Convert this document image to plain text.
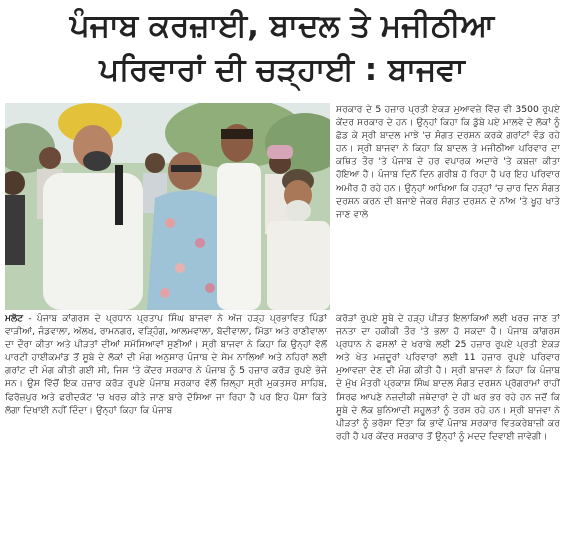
ਪੰਜਾਬ ਕਰਜ਼ਾਈ, ਬਾਦਲ ਤੇ ਮਜੀਠੀਆ
ਪਰਿਵਾਰਾਂ ਦੀ ਚੜ੍ਹਾਈ : ਬਾਜਵਾ
ਸਰਕਾਰ ਦੇ 5 ਹਜ਼ਾਰ ਪ੍ਰਤੀ ਏਕੜ ਮੁਆਵਜ਼ੇ ਵਿੱਚ ਵੀ 3500 ਰੁਪਏ ਕੇਂਦਰ ਸਰਕਾਰ ਦੇ ਹਨ। ਉਨ੍ਹਾਂ ਕਿਹਾ ਕਿ ਡੁੱਬੇ ਪਏ ਮਾਲਵੇ ਦੇ ਲੋਕਾਂ ਨੂੰ ਛੱਡ ਕੇ ਸ੍ਰੀ ਬਾਦਲ ਮਾਝੇ 'ਚ ਸੰਗਤ ਦਰਸ਼ਨ ਕਰਕੇ ਗਰਾਂਟਾਂ ਵੰਡ ਰਹੇ ਹਨ। ਸ੍ਰੀ ਬਾਜਵਾ ਨੇ ਕਿਹਾ ਕਿ ਬਾਦਲ ਤੇ ਮਜੀਠੀਆ ਪਰਿਵਾਰ ਦਾ ਕਥਿਤ ਤੌਰ 'ਤੇ ਪੰਜਾਬ ਦੇ ਹਰ ਵਪਾਰਕ ਅਦਾਰੇ 'ਤੇ ਕਬਜ਼ਾ ਕੀਤਾ ਹੋਇਆ ਹੈ। ਪੰਜਾਬ ਦਿਨੋਂ ਦਿਨ ਗਰੀਬ ਹੋ ਰਿਹਾ ਹੈ ਪਰ ਇਹ ਪਰਿਵਾਰ ਅਮੀਰ ਹੋ ਰਹੇ ਹਨ। ਉਨ੍ਹਾਂ ਆਖਿਆ ਕਿ ਹੜ੍ਹਾਂ 'ਚ ਚਾਰ ਦਿਨ ਸੰਗਤ ਦਰਸ਼ਨ ਕਰਨ ਦੀ ਬਜਾਏ ਜੇਕਰ ਸੰਗਤ ਦਰਸ਼ਨ ਦੇ ਨਾਂਅ 'ਤੇ ਖੂਹ ਖਾਤੇ ਜਾਣ ਵਾਲੇ
ਮਲੋਟ - ਪੰਜਾਬ ਕਾਂਗਰਸ ਦੇ ਪ੍ਰਧਾਨ ਪ੍ਰਤਾਪ ਸਿੰਘ ਬਾਜਵਾ ਨੇ ਅੱਜ ਹੜ੍ਹ ਪ੍ਰਭਾਵਿਤ ਪਿੰਡਾਂ ਵਾੜੀਆਂ, ਜੰਡਵਾਲਾ, ਅੱਲਖ, ਰਾਮਨਗਰ, ਵੜ੍ਹਿੰਗ, ਆਲਮਵਾਲਾ, ਬੋਦੀਵਾਲਾ, ਮਿੱਡਾ ਅਤੇ ਰਾਣੀਵਾਲਾ ਦਾ ਦੌਰਾ ਕੀਤਾ ਅਤੇ ਪੀੜਤਾਂ ਦੀਆਂ ਸਮੱਸਿਆਵਾਂ ਸੁਣੀਆਂ। ਸ੍ਰੀ ਬਾਜਵਾ ਨੇ ਕਿਹਾ ਕਿ ਉਨ੍ਹਾਂ ਵੱਲੋਂ ਪਾਰਟੀ ਹਾਈਕਮਾਂਡ ਤੋਂ ਸੂਬੇ ਦੇ ਲੋਕਾਂ ਦੀ ਮੰਗ ਅਨੁਸਾਰ ਪੰਜਾਬ ਦੇ ਸੇਮ ਨਾਲਿਆਂ ਅਤੇ ਨਹਿਰਾਂ ਲਈ ਗਰਾਂਟ ਦੀ ਮੰਗ ਕੀਤੀ ਗਈ ਸੀ, ਜਿਸ 'ਤੇ ਕੇਂਦਰ ਸਰਕਾਰ ਨੇ ਪੰਜਾਬ ਨੂੰ 5 ਹਜ਼ਾਰ ਕਰੋੜ ਰੁਪਏ ਭੇਜੇ ਸਨ। ਉਸ ਵਿੱਚੋਂ ਇਕ ਹਜ਼ਾਰ ਕਰੋੜ ਰੁਪਏ ਪੰਜਾਬ ਸਰਕਾਰ ਵੱਲੋਂ ਜ਼ਿਲ੍ਹਾ ਸ੍ਰੀ ਮੁਕਤਸਰ ਸਾਹਿਬ, ਫਿਰੋਜ਼ਪੁਰ ਅਤੇ ਫਰੀਦਕੋਟ 'ਚ ਖਰਚ ਕੀਤੇ ਜਾਣ ਬਾਰੇ ਦੱਸਿਆ ਜਾ ਰਿਹਾ ਹੈ ਪਰ ਇਹ ਪੈਸਾ ਕਿਤੇ ਲੱਗਾ ਦਿਖਾਈ ਨਹੀਂ ਦਿੰਦਾ। ਉਨ੍ਹਾਂ ਕਿਹਾ ਕਿ ਪੰਜਾਬ
ਕਰੋੜਾਂ ਰੁਪਏ ਸੂਬੇ ਦੇ ਹੜ੍ਹ ਪੀੜਤ ਇਲਾਕਿਆਂ ਲਈ ਖਰਚ ਜਾਣ ਤਾਂ ਜਨਤਾ ਦਾ ਹਕੀਕੀ ਤੌਰ 'ਤੇ ਭਲਾ ਹੋ ਸਕਦਾ ਹੈ। ਪੰਜਾਬ ਕਾਂਗਰਸ ਪ੍ਰਧਾਨ ਨੇ ਫਸਲਾਂ ਦੇ ਖਰਾਬੇ ਲਈ 25 ਹਜ਼ਾਰ ਰੁਪਏ ਪ੍ਰਤੀ ਏਕੜ ਅਤੇ ਖੇਤ ਮਜ਼ਦੂਰਾਂ ਪਰਿਵਾਰਾਂ ਲਈ 11 ਹਜ਼ਾਰ ਰੁਪਏ ਪਰਿਵਾਰ ਮੁਆਵਜ਼ਾ ਦੇਣ ਦੀ ਮੰਗ ਕੀਤੀ ਹੈ। ਸ੍ਰੀ ਬਾਜਵਾ ਨੇ ਕਿਹਾ ਕਿ ਪੰਜਾਬ ਦੇ ਮੁੱਖ ਮੰਤਰੀ ਪ੍ਰਕਾਸ਼ ਸਿੰਘ ਬਾਦਲ ਸੰਗਤ ਦਰਸ਼ਨ ਪ੍ਰੋਗਰਾਮਾਂ ਰਾਹੀਂ ਸਿਰਫ ਆਪਣੇ ਨਜ਼ਦੀਕੀ ਜਥੇਦਾਰਾਂ ਦੇ ਹੀ ਘਰ ਭਰ ਰਹੇ ਹਨ ਜਦੋਂ ਕਿ ਸੂਬੇ ਦੇ ਲੋਕ ਬੁਨਿਆਦੀ ਸਹੂਲਤਾਂ ਨੂੰ ਤਰਸ ਰਹੇ ਹਨ। ਸ੍ਰੀ ਬਾਜਵਾ ਨੇ ਪੀੜਤਾਂ ਨੂੰ ਭਰੋਸਾ ਦਿੱਤਾ ਕਿ ਭਾਵੇਂ ਪੰਜਾਬ ਸਰਕਾਰ ਵਿਤਕਰੇਬਾਜ਼ੀ ਕਰ ਰਹੀ ਹੈ ਪਰ ਕੇਂਦਰ ਸਰਕਾਰ ਤੋਂ ਉਨ੍ਹਾਂ ਨੂੰ ਮਦਦ ਦਿਵਾਈ ਜਾਵੇਗੀ।
